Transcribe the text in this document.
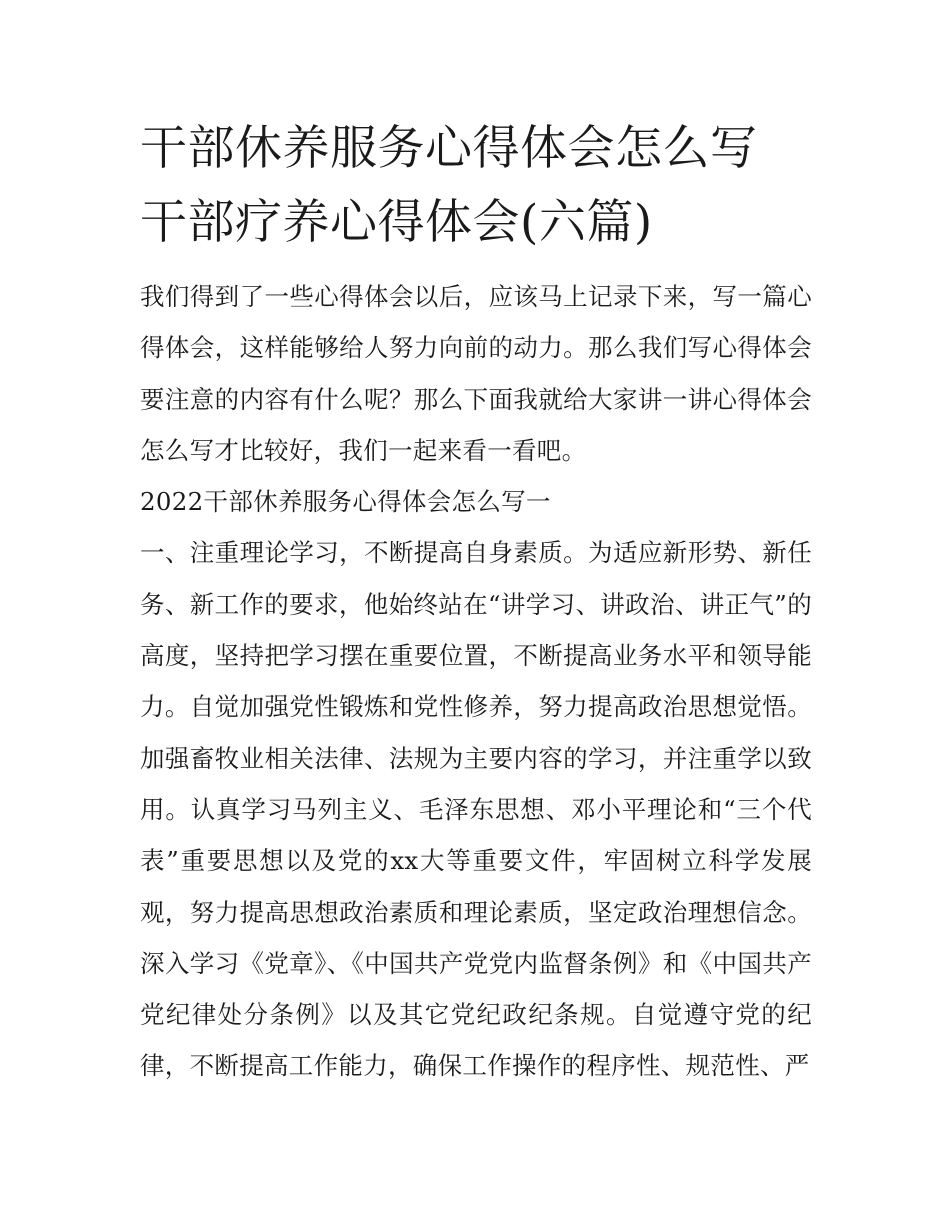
干部休养服务心得体会怎么写
干部疗养心得体会(六篇)

我们得到了一些心得体会以后，应该马上记录下来，写一篇心得体会，这样能够给人努力向前的动力。那么我们写心得体会要注意的内容有什么呢？那么下面我就给大家讲一讲心得体会怎么写才比较好，我们一起来看一看吧。

2022干部休养服务心得体会怎么写一

一、注重理论学习，不断提高自身素质。为适应新形势、新任务、新工作的要求，他始终站在“讲学习、讲政治、讲正气”的高度，坚持把学习摆在重要位置，不断提高业务水平和领导能力。自觉加强党性锻炼和党性修养，努力提高政治思想觉悟。加强畜牧业相关法律、法规为主要内容的学习，并注重学以致用。认真学习马列主义、毛泽东思想、邓小平理论和“三个代表”重要思想以及党的xx大等重要文件，牢固树立科学发展观，努力提高思想政治素质和理论素质，坚定政治理想信念。深入学习《党章》、《中国共产党党内监督条例》和《中国共产党纪律处分条例》以及其它党纪政纪条规。自觉遵守党的纪律，不断提高工作能力，确保工作操作的程序性、规范性、严
